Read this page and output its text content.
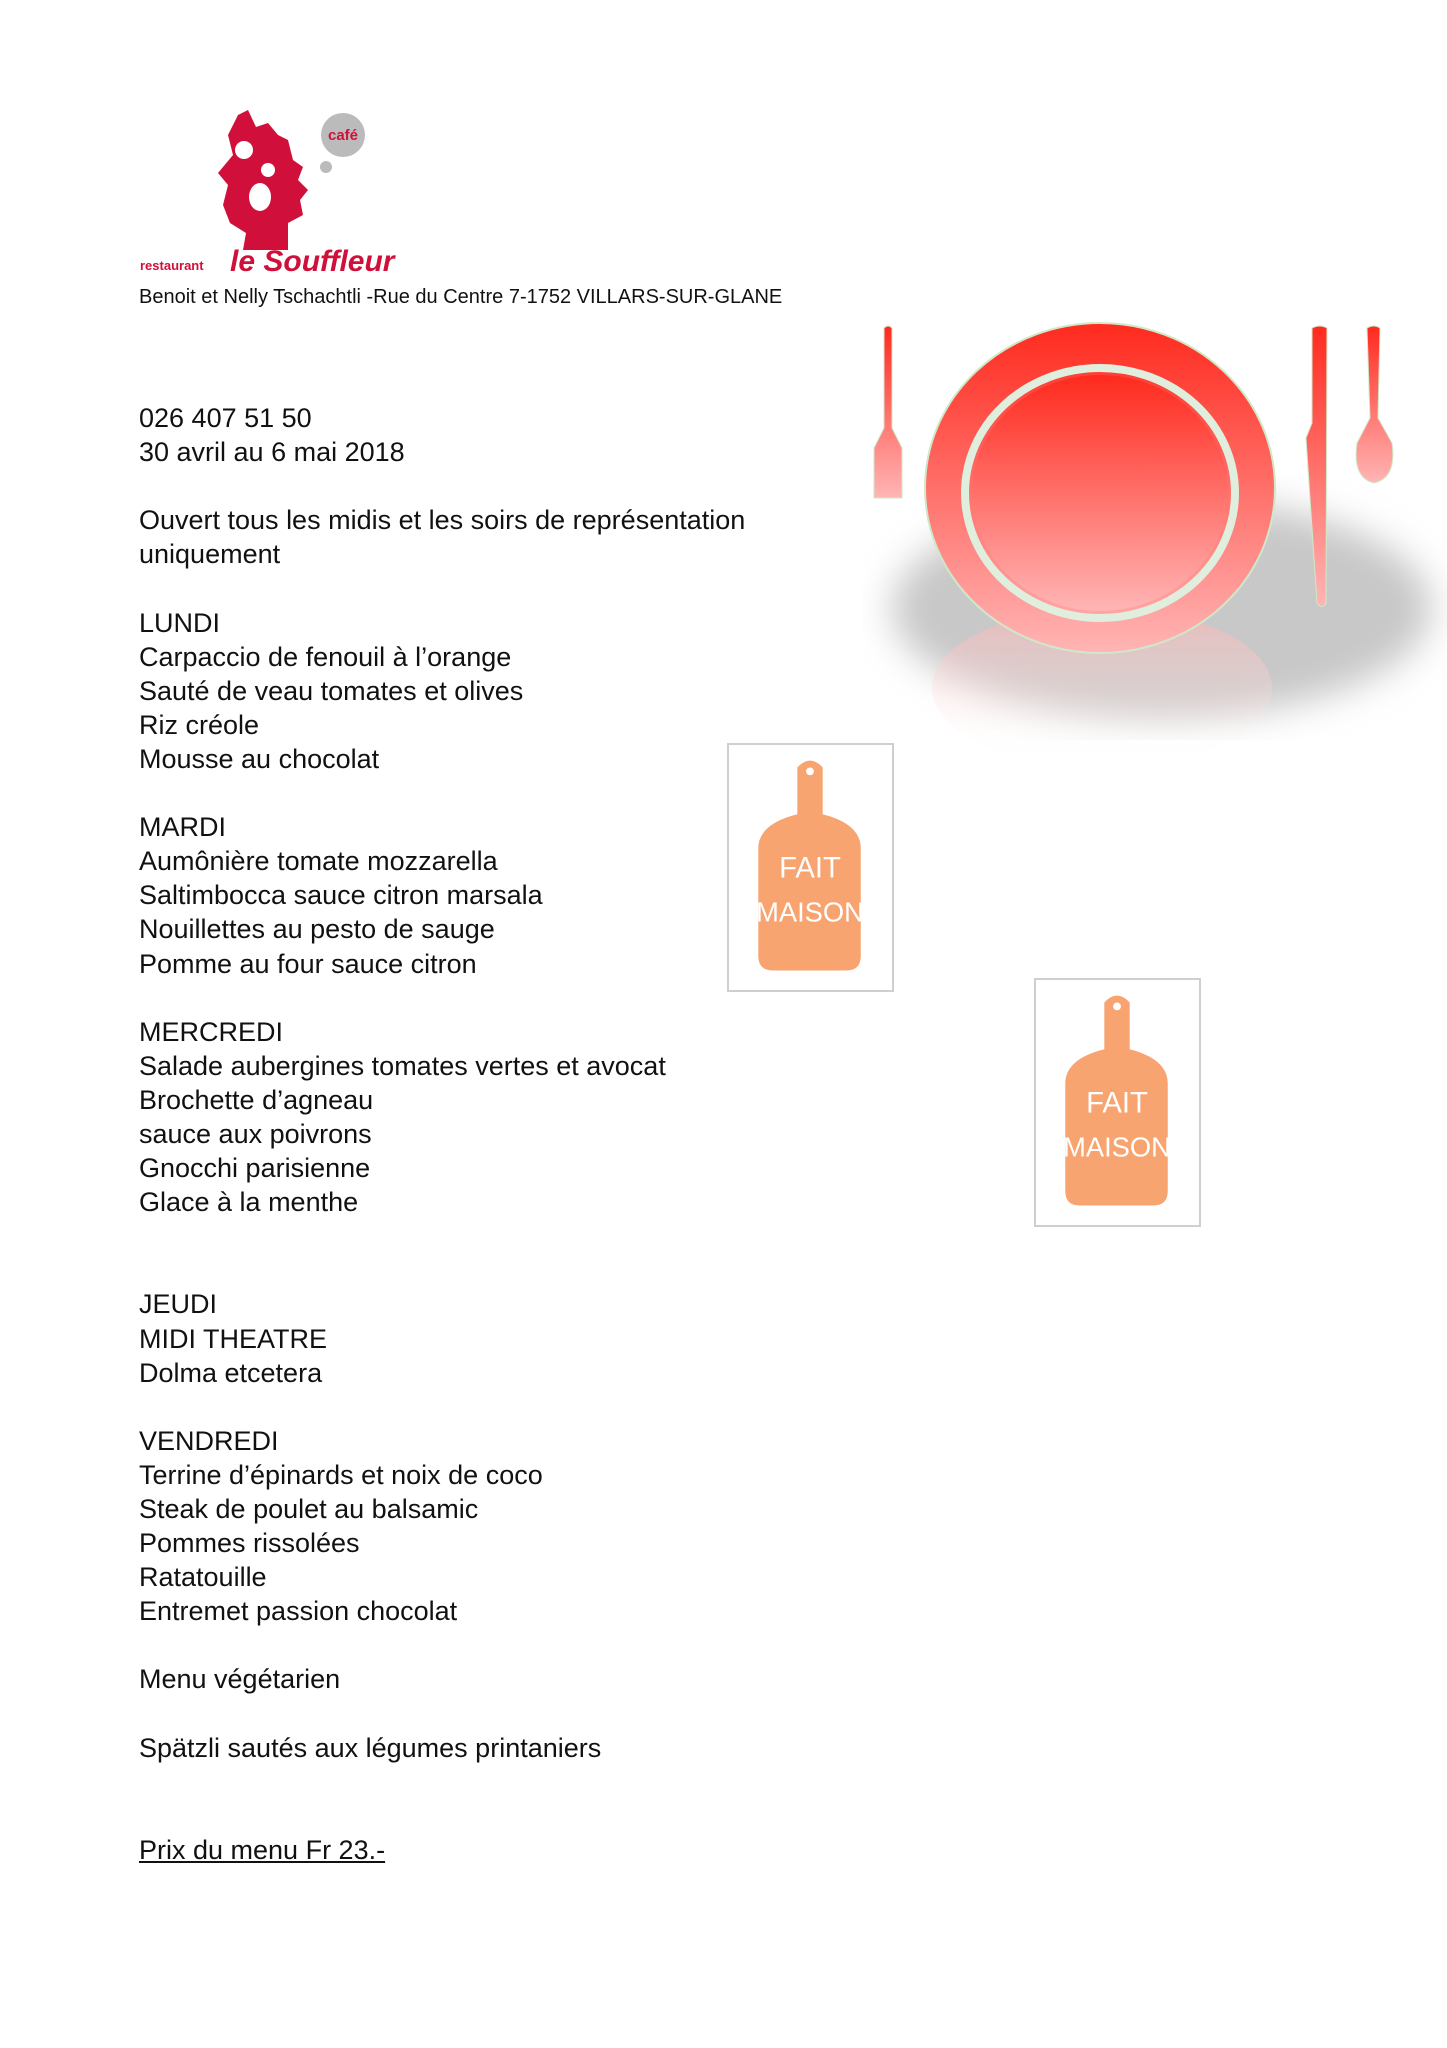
café
restaurant le Souffleur
Benoit et Nelly Tschachtli -Rue du Centre 7-1752 VILLARS-SUR-GLANE
026 407 51 50
30 avril au 6 mai 2018
Ouvert tous les midis et les soirs de représentation
uniquement
LUNDI
Carpaccio de fenouil à l’orange
Sauté de veau tomates et olives
Riz créole
Mousse au chocolat
MARDI
Aumônière tomate mozzarella
Saltimbocca sauce citron marsala
Nouillettes au pesto de sauge
Pomme au four sauce citron
MERCREDI
Salade aubergines tomates vertes et avocat
Brochette d’agneau
sauce aux poivrons
Gnocchi parisienne
Glace à la menthe
JEUDI
MIDI THEATRE
Dolma etcetera
VENDREDI
Terrine d’épinards et noix de coco
Steak de poulet au balsamic
Pommes rissolées
Ratatouille
Entremet passion chocolat
Menu végétarien
Spätzli sautés aux légumes printaniers
Prix du menu Fr 23.-
FAIT
MAISON
FAIT
MAISON
